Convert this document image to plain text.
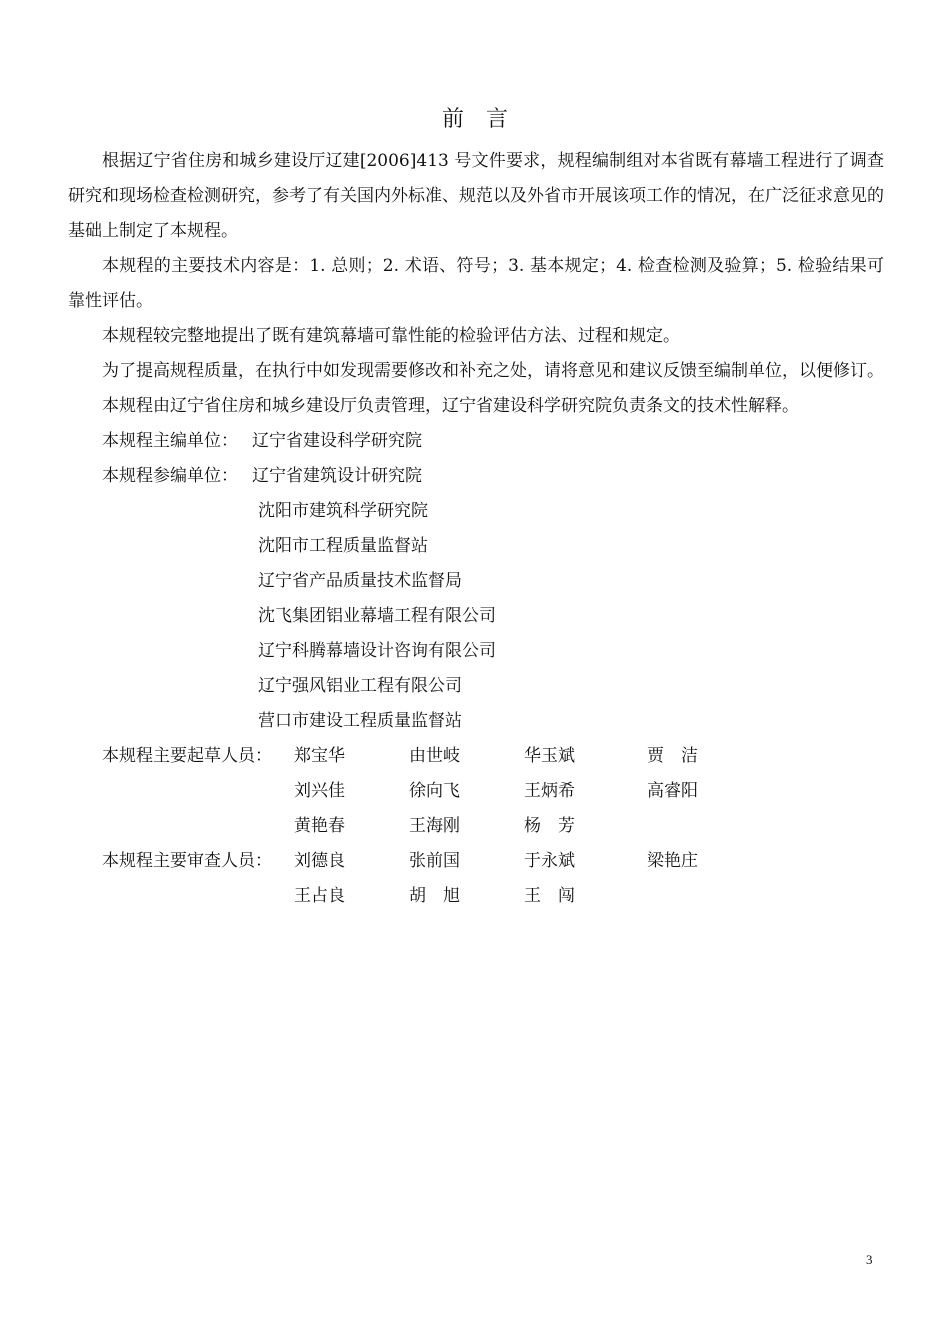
前　言

根据辽宁省住房和城乡建设厅辽建[2006]413 号文件要求，规程编制组对本省既有幕墙工程进行了调查研究和现场检查检测研究，参考了有关国内外标准、规范以及外省市开展该项工作的情况，在广泛征求意见的基础上制定了本规程。

本规程的主要技术内容是：1. 总则；2. 术语、符号；3. 基本规定；4. 检查检测及验算；5. 检验结果可靠性评估。

本规程较完整地提出了既有建筑幕墙可靠性能的检验评估方法、过程和规定。

为了提高规程质量，在执行中如发现需要修改和补充之处，请将意见和建议反馈至编制单位，以便修订。

本规程由辽宁省住房和城乡建设厅负责管理，辽宁省建设科学研究院负责条文的技术性解释。

本规程主编单位： 辽宁省建设科学研究院
本规程参编单位： 辽宁省建筑设计研究院
沈阳市建筑科学研究院
沈阳市工程质量监督站
辽宁省产品质量技术监督局
沈飞集团铝业幕墙工程有限公司
辽宁科腾幕墙设计咨询有限公司
辽宁强风铝业工程有限公司
营口市建设工程质量监督站
本规程主要起草人员：	郑宝华	由世岐	华玉斌	贾　洁
刘兴佳	徐向飞	王炳希	高睿阳
黄艳春	王海刚	杨　芳
本规程主要审查人员：	刘德良	张前国	于永斌	梁艳庄
王占良	胡　旭	王　闯
3
